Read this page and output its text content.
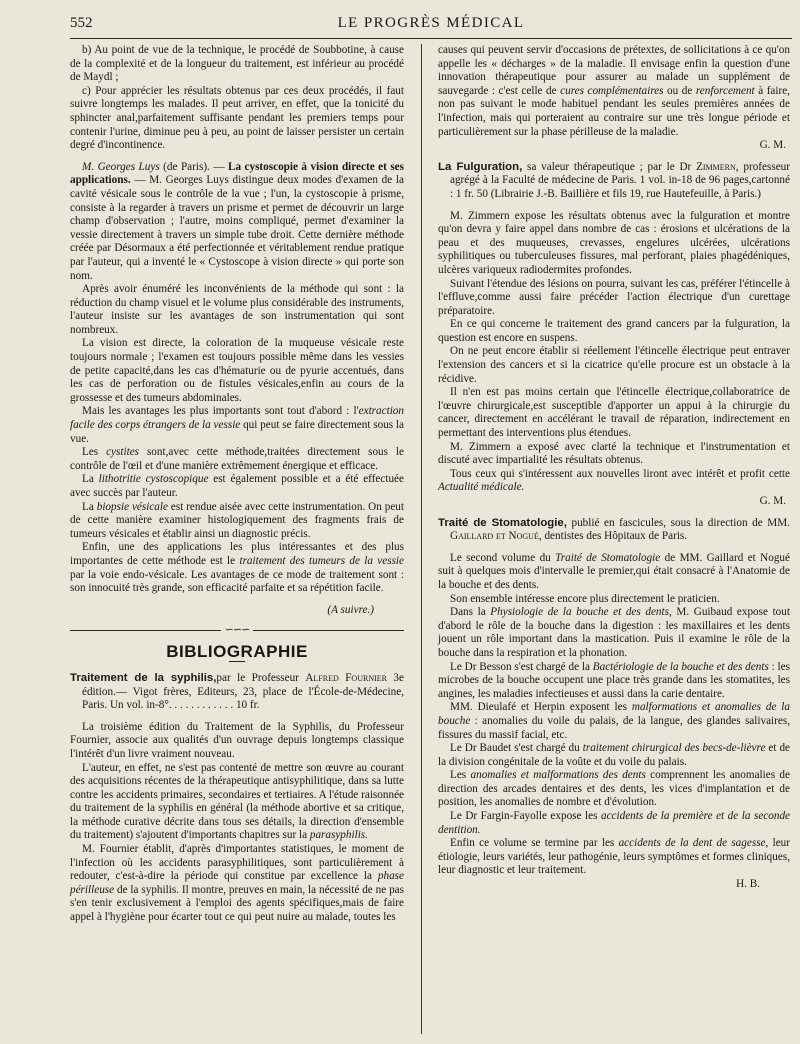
552	LE PROGRÈS MÉDICAL

b) Au point de vue de la technique, le procédé de Soubbotine, à cause de la complexité et de la longueur du traitement, est inférieur au procédé de Maydl ;

c) Pour apprécier les résultats obtenus par ces deux procédés, il faut suivre longtemps les malades. Il peut arriver, en effet, que la tonicité du sphincter anal,parfaitement suffisante pendant les premiers temps pour contenir l'urine, diminue peu à peu, au point de laisser persister un certain degré d'incontinence.

M. Georges Luys (de Paris). — La cystoscopie à vision directe et ses applications. — M. Georges Luys distingue deux modes d'examen de la cavité vésicale sous le contrôle de la vue ; l'un, la cystoscopie à prisme, consiste à la regarder à travers un prisme et permet de découvrir un large champ d'observation ; l'autre, moins compliqué, permet d'examiner la vessie directement à travers un simple tube droit. Cette dernière méthode créée par Désormaux a été perfectionnée et véritablement rendue pratique par l'auteur, qui a inventé le « Cystoscope à vision directe » qui porte son nom.

Après avoir énuméré les inconvénients de la méthode qui sont : la réduction du champ visuel et le volume plus considérable des instruments, l'auteur insiste sur les avantages de son instrumentation qui sont nombreux.

La vision est directe, la coloration de la muqueuse vésicale reste toujours normale ; l'examen est toujours possible même dans les vessies de petite capacité,dans les cas d'hématurie ou de pyurie accentués, dans les cas de perforation ou de fistules vésicales,enfin au cours de la grossesse et des tumeurs abdominales.

Mais les avantages les plus importants sont tout d'abord : l'extraction facile des corps étrangers de la vessie qui peut se faire directement sous la vue.

Les cystites sont,avec cette méthode,traitées directement sous le contrôle de l'œil et d'une manière extrêmement énergique et efficace.

La lithotritie cystoscopique est également possible et a été effectuée avec succès par l'auteur.

La biopsie vésicale est rendue aisée avec cette instrumentation. On peut de cette manière examiner histologiquement des fragments frais de tumeurs vésicales et établir ainsi un diagnostic précis.

Enfin, une des applications les plus intéressantes et des plus importantes de cette méthode est le traitement des tumeurs de la vessie par la voie endo-vésicale. Les avantages de ce mode de traitement sont : son innocuité très grande, son efficacité parfaite et sa répétition facile.

(A suivre.)
∽∽∽
BIBLIOGRAPHIE

Traitement de la syphilis,par le Professeur Alfred Fournier 3e édition.— Vigot frères, Editeurs, 23, place de l'École-de-Médecine, Paris. Un vol. in-8°. . . . . . . . . . . . 10 fr.

La troisième édition du Traitement de la Syphilis, du Professeur Fournier, associe aux qualités d'un ouvrage depuis longtemps classique l'intérêt d'un livre vraiment nouveau.

L'auteur, en effet, ne s'est pas contenté de mettre son œuvre au courant des acquisitions récentes de la thérapeutique antisyphilitique, dans sa lutte contre les accidents primaires, secondaires et tertiaires. A l'étude raisonnée du traitement de la syphilis en général (la méthode abortive et sa critique, la méthode curative décrite dans tous ses détails, la direction d'ensemble du traitement) s'ajoutent d'importants chapitres sur la parasyphilis.

M. Fournier établit, d'après d'importantes statistiques, le moment de l'infection où les accidents parasyphilitiques, sont particulièrement à redouter, c'est-à-dire la période qui constitue par excellence la phase périlleuse de la syphilis. Il montre, preuves en main, la nécessité de ne pas s'en tenir exclusivement à l'emploi des agents spécifiques,mais de faire appel à l'hygiène pour écarter tout ce qui peut nuire au malade, toutes les

causes qui peuvent servir d'occasions de prétextes, de sollicitations à ce qu'on appelle les « décharges » de la maladie. Il envisage enfin la question d'une innovation thérapeutique pour assurer au malade un supplément de sauvegarde : c'est celle de cures complémentaires ou de renforcement à faire, non pas suivant le mode habituel pendant les seules premières années de l'infection, mais qui porteraient au contraire sur une très longue période et particulièrement sur la phase périlleuse de la maladie.

G. M.

La Fulguration, sa valeur thérapeutique ; par le Dr Zimmern, professeur agrégé à la Faculté de médecine de Paris. 1 vol. in-18 de 96 pages,cartonné : 1 fr. 50 (Librairie J.-B. Baillière et fils 19, rue Hautefeuille, à Paris.)

M. Zimmern expose les résultats obtenus avec la fulguration et montre qu'on devra y faire appel dans nombre de cas : érosions et ulcérations de la peau et des muqueuses, crevasses, engelures ulcérées, ulcérations syphilitiques ou tuberculeuses fissures, mal perforant, plaies phagédéniques, ulcères variqueux radiodermites profondes.

Suivant l'étendue des lésions on pourra, suivant les cas, préférer l'étincelle à l'effluve,comme aussi faire précéder l'action électrique d'un curettage préparatoire.

En ce qui concerne le traitement des grand cancers par la fulguration, la question est encore en suspens.

On ne peut encore établir si réellement l'étincelle électrique peut entraver l'extension des cancers et si la cicatrice qu'elle procure est un obstacle à la récidive.

Il n'en est pas moins certain que l'étincelle électrique,collaboratrice de l'œuvre chirurgicale,est susceptible d'apporter un appui à la chirurgie du cancer, directement en accélérant le travail de réparation, indirectement en permettant des interventions plus étendues.

M. Zimmern a exposé avec clarté la technique et l'instrumentation et discuté avec impartialité les résultats obtenus.

Tous ceux qui s'intéressent aux nouvelles liront avec intérêt et profit cette Actualité médicale.

G. M.

Traité de Stomatologie, publié en fascicules, sous la direction de MM. Gaillard et Nogué, dentistes des Hôpitaux de Paris.

Le second volume du Traité de Stomatologie de MM. Gaillard et Nogué suit à quelques mois d'intervalle le premier,qui était consacré à l'Anatomie de la bouche et des dents.

Son ensemble intéresse encore plus directement le praticien.

Dans la Physiologie de la bouche et des dents, M. Guibaud expose tout d'abord le rôle de la bouche dans la digestion : les maxillaires et les dents jouent un rôle important dans la mastication. Puis il examine le rôle de la bouche dans la respiration et la phonation.

Le Dr Besson s'est chargé de la Bactériologie de la bouche et des dents : les microbes de la bouche occupent une place très grande dans les stomatites, les angines, les maladies infectieuses et aussi dans la carie dentaire.

MM. Dieulafé et Herpin exposent les malformations et anomalies de la bouche : anomalies du voile du palais, de la langue, des glandes salivaires, fissures du massif facial, etc.

Le Dr Baudet s'est chargé du traitement chirurgical des becs-de-lièvre et de la division congénitale de la voûte et du voile du palais.

Les anomalies et malformations des dents comprennent les anomalies de direction des arcades dentaires et des dents, les vices d'implantation et de position, les anomalies de nombre et d'évolution.

Le Dr Fargin-Fayolle expose les accidents de la première et de la seconde dentition.

Enfin ce volume se termine par les accidents de la dent de sagesse, leur étiologie, leurs variétés, leur pathogénie, leurs symptômes et formes cliniques, leur diagnostic et leur traitement.

H. B.
